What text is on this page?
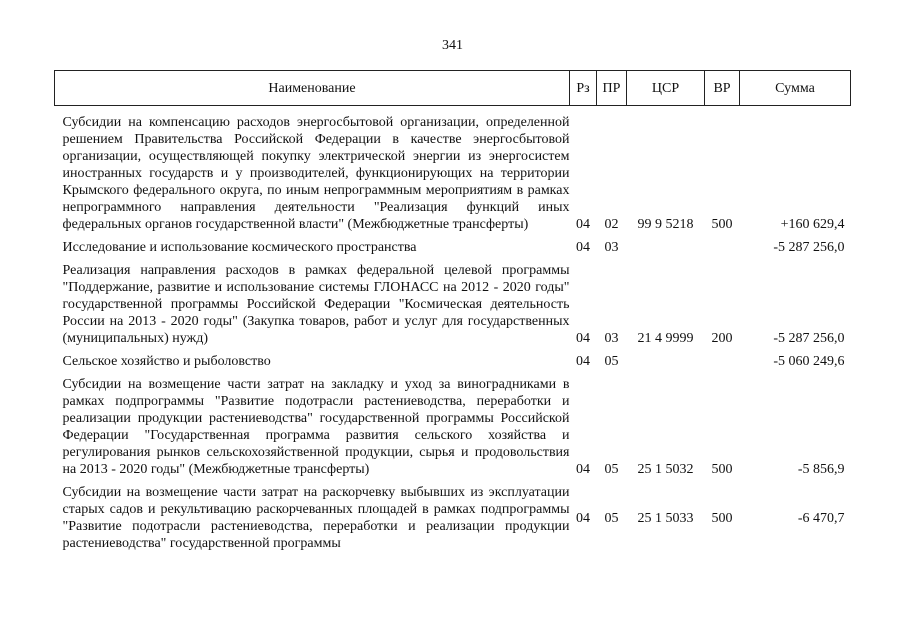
341
Наименование	Рз	ПР	ЦСР	ВР	Сумма
Субсидии на компенсацию расходов энергосбытовой организации, определенной решением Правительства Российской Федерации в качестве энергосбытовой организации, осуществляющей покупку электрической энергии из энергосистем иностранных государств и у производителей, функционирующих на территории Крымского федерального округа, по иным непрограммным мероприятиям в рамках непрограммного направления деятельности "Реализация функций иных федеральных органов государственной власти" (Межбюджетные трансферты)	04	02	99 9 5218	500	+160 629,4
Исследование и использование космического пространства	04	03			-5 287 256,0
Реализация направления расходов в рамках федеральной целевой программы "Поддержание, развитие и использование системы ГЛОНАСС на 2012 - 2020 годы" государственной программы Российской Федерации "Космическая деятельность России на 2013 - 2020 годы" (Закупка товаров, работ и услуг для государственных (муниципальных) нужд)	04	03	21 4 9999	200	-5 287 256,0
Сельское хозяйство и рыболовство	04	05			-5 060 249,6
Субсидии на возмещение части затрат на закладку и уход за виноградниками в рамках подпрограммы "Развитие подотрасли растениеводства, переработки и реализации продукции растениеводства" государственной программы Российской Федерации "Государственная программа развития сельского хозяйства и регулирования рынков сельскохозяйственной продукции, сырья и продовольствия на 2013 - 2020 годы" (Межбюджетные трансферты)	04	05	25 1 5032	500	-5 856,9
Субсидии на возмещение части затрат на раскорчевку выбывших из эксплуатации старых садов и рекультивацию раскорчеванных площадей в рамках подпрограммы "Развитие подотрасли растениеводства, переработки и реализации продукции растениеводства" государственной программы	04	05	25 1 5033	500	-6 470,7
